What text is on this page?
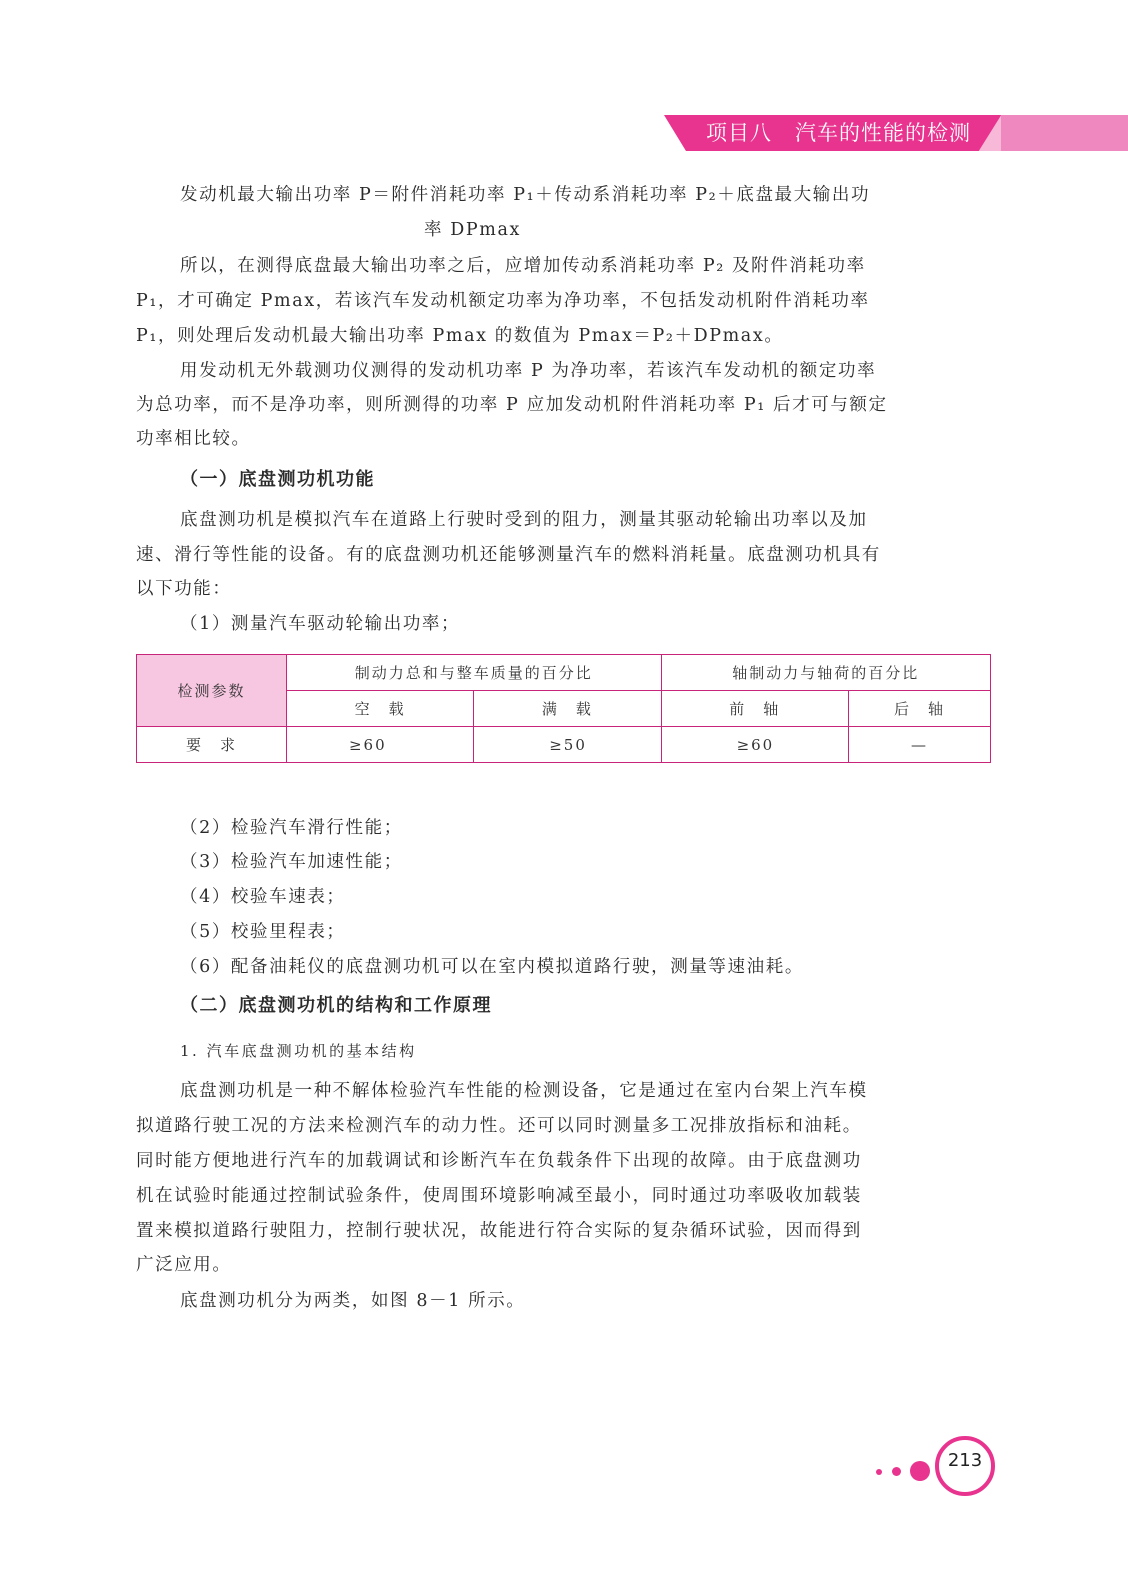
项目八   汽车的性能的检测
发动机最大输出功率 P＝附件消耗功率 P₁＋传动系消耗功率 P₂＋底盘最大输出功
率 DPmax
所以，在测得底盘最大输出功率之后，应增加传动系消耗功率 P₂ 及附件消耗功率
P₁，才可确定 Pmax，若该汽车发动机额定功率为净功率，不包括发动机附件消耗功率
P₁，则处理后发动机最大输出功率 Pmax 的数值为 Pmax＝P₂＋DPmax。
用发动机无外载测功仪测得的发动机功率 P 为净功率，若该汽车发动机的额定功率
为总功率，而不是净功率，则所测得的功率 P 应加发动机附件消耗功率 P₁ 后才可与额定
功率相比较。
（一）底盘测功机功能
底盘测功机是模拟汽车在道路上行驶时受到的阻力，测量其驱动轮输出功率以及加
速、滑行等性能的设备。有的底盘测功机还能够测量汽车的燃料消耗量。底盘测功机具有
以下功能：
（1）测量汽车驱动轮输出功率；
检测参数	制动力总和与整车质量的百分比		轴制动力与轴荷的百分比	
	空　载	满　载	前　轴	后　轴
要　求	≥60	≥50	≥60	—
（2）检验汽车滑行性能；
（3）检验汽车加速性能；
（4）校验车速表；
（5）校验里程表；
（6）配备油耗仪的底盘测功机可以在室内模拟道路行驶，测量等速油耗。
（二）底盘测功机的结构和工作原理
1. 汽车底盘测功机的基本结构
底盘测功机是一种不解体检验汽车性能的检测设备，它是通过在室内台架上汽车模
拟道路行驶工况的方法来检测汽车的动力性。还可以同时测量多工况排放指标和油耗。
同时能方便地进行汽车的加载调试和诊断汽车在负载条件下出现的故障。由于底盘测功
机在试验时能通过控制试验条件，使周围环境影响减至最小，同时通过功率吸收加载装
置来模拟道路行驶阻力，控制行驶状况，故能进行符合实际的复杂循环试验，因而得到
广泛应用。
底盘测功机分为两类，如图 8－1 所示。
213
